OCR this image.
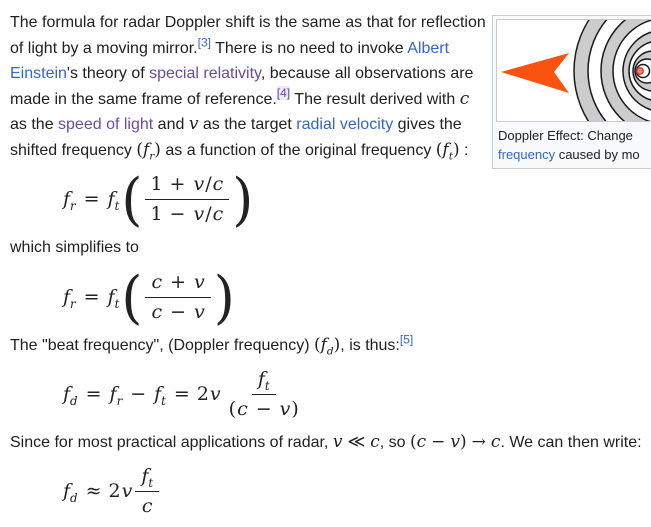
The formula for radar Doppler shift is the same as that for reflection of light by a moving mirror.[3] There is no need to invoke Albert Einstein's theory of special relativity, because all observations are made in the same frame of reference.[4] The result derived with c as the speed of light and v as the target radial velocity gives the shifted frequency $(f_r)$ as a function of the original frequency $(f_t)$ :

$f_r = f_t$ ( $\frac{1 + v/c}{1 - v/c}$ )

which simplifies to

$f_r = f_t$ ( $\frac{c + v}{c - v}$ )

The "beat frequency", (Doppler frequency) $(f_d)$, is thus:[5]

$f_d = f_r - f_t = 2$ v $\frac{f_t}{(c - v)}$

Since for most practical applications of radar, v ≪ c, so (c − v) → c. We can then write:

$f_d \approx 2$ v $\frac{f_t}{c}$
Doppler Effect: Change
frequency caused by mo
